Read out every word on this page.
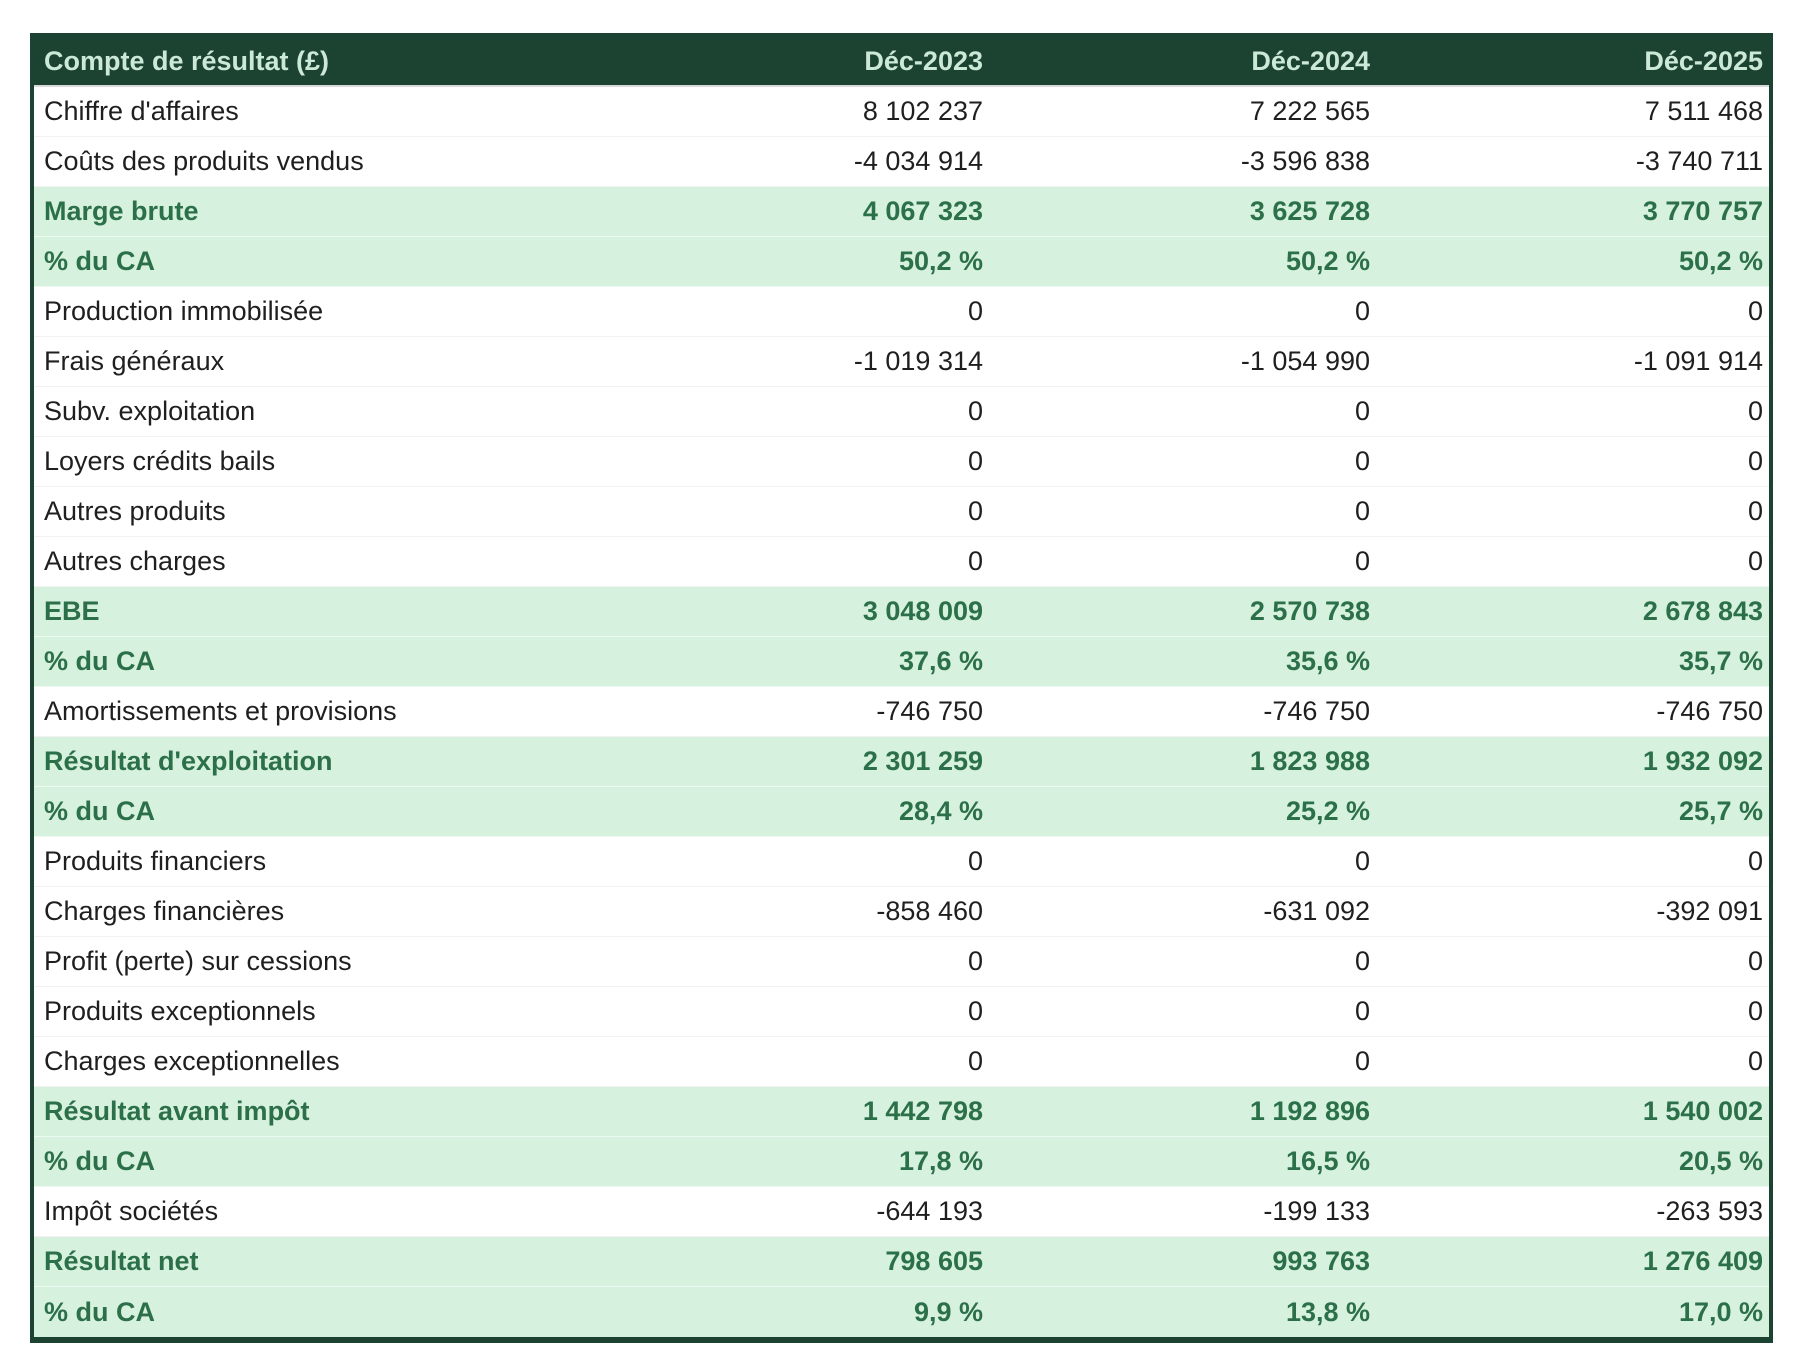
Compte de résultat (£)	Déc-2023	Déc-2024	Déc-2025
Chiffre d'affaires	8 102 237	7 222 565	7 511 468
Coûts des produits vendus	-4 034 914	-3 596 838	-3 740 711
Marge brute	4 067 323	3 625 728	3 770 757
% du CA	50,2 %	50,2 %	50,2 %
Production immobilisée	0	0	0
Frais généraux	-1 019 314	-1 054 990	-1 091 914
Subv. exploitation	0	0	0
Loyers crédits bails	0	0	0
Autres produits	0	0	0
Autres charges	0	0	0
EBE	3 048 009	2 570 738	2 678 843
% du CA	37,6 %	35,6 %	35,7 %
Amortissements et provisions	-746 750	-746 750	-746 750
Résultat d'exploitation	2 301 259	1 823 988	1 932 092
% du CA	28,4 %	25,2 %	25,7 %
Produits financiers	0	0	0
Charges financières	-858 460	-631 092	-392 091
Profit (perte) sur cessions	0	0	0
Produits exceptionnels	0	0	0
Charges exceptionnelles	0	0	0
Résultat avant impôt	1 442 798	1 192 896	1 540 002
% du CA	17,8 %	16,5 %	20,5 %
Impôt sociétés	-644 193	-199 133	-263 593
Résultat net	798 605	993 763	1 276 409
% du CA	9,9 %	13,8 %	17,0 %
